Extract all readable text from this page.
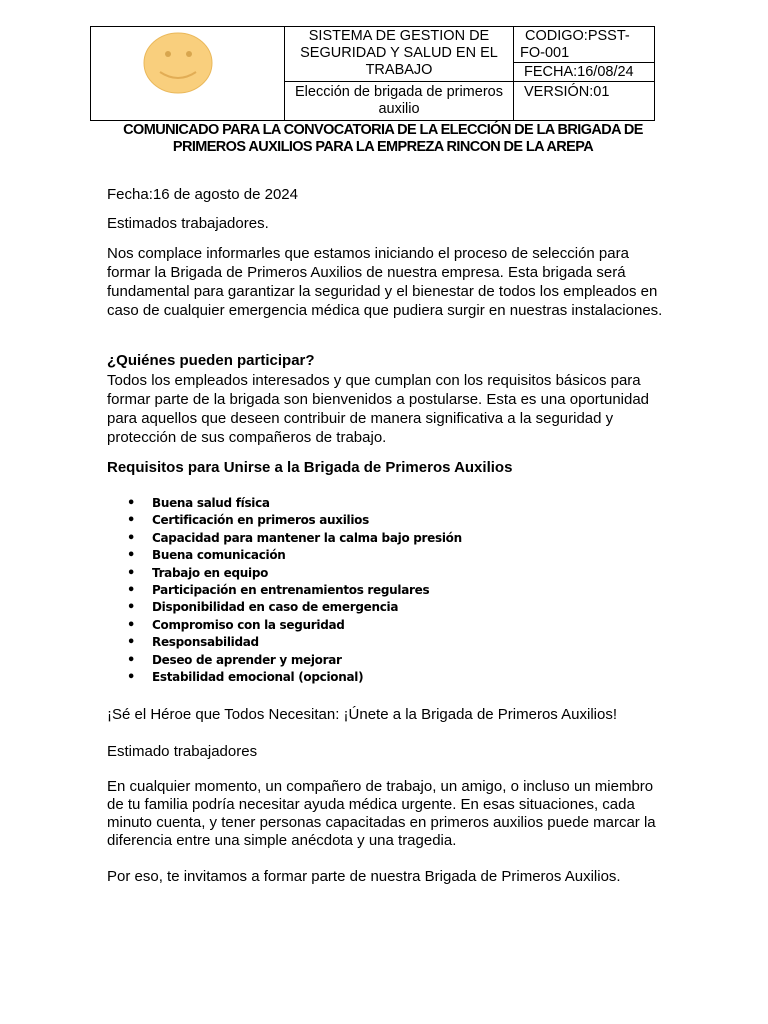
SISTEMA DE GESTION DE SEGURIDAD Y SALUD EN EL TRABAJO
Elección de brigada de primeros auxilio
CODIGO:PSST-
FO-001
FECHA:16/08/24
VERSIÓN:01
COMUNICADO PARA LA CONVOCATORIA DE LA ELECCIÓN DE LA BRIGADA DE PRIMEROS AUXILIOS PARA LA EMPREZA RINCON DE LA AREPA
Fecha:16 de agosto de 2024
Estimados trabajadores.
Nos complace informarles que estamos iniciando el proceso de selección para formar la Brigada de Primeros Auxilios de nuestra empresa. Esta brigada será fundamental para garantizar la seguridad y el bienestar de todos los empleados en caso de cualquier emergencia médica que pudiera surgir en nuestras instalaciones.
¿Quiénes pueden participar?
Todos los empleados interesados y que cumplan con los requisitos básicos para formar parte de la brigada son bienvenidos a postularse. Esta es una oportunidad para aquellos que deseen contribuir de manera significativa a la seguridad y protección de sus compañeros de trabajo.
Requisitos para Unirse a la Brigada de Primeros Auxilios
• Buena salud física
• Certificación en primeros auxilios
• Capacidad para mantener la calma bajo presión
• Buena comunicación
• Trabajo en equipo
• Participación en entrenamientos regulares
• Disponibilidad en caso de emergencia
• Compromiso con la seguridad
• Responsabilidad
• Deseo de aprender y mejorar
• Estabilidad emocional (opcional)
¡Sé el Héroe que Todos Necesitan: ¡Únete a la Brigada de Primeros Auxilios!
Estimado trabajadores
En cualquier momento, un compañero de trabajo, un amigo, o incluso un miembro de tu familia podría necesitar ayuda médica urgente. En esas situaciones, cada minuto cuenta, y tener personas capacitadas en primeros auxilios puede marcar la diferencia entre una simple anécdota y una tragedia.
Por eso, te invitamos a formar parte de nuestra Brigada de Primeros Auxilios.
